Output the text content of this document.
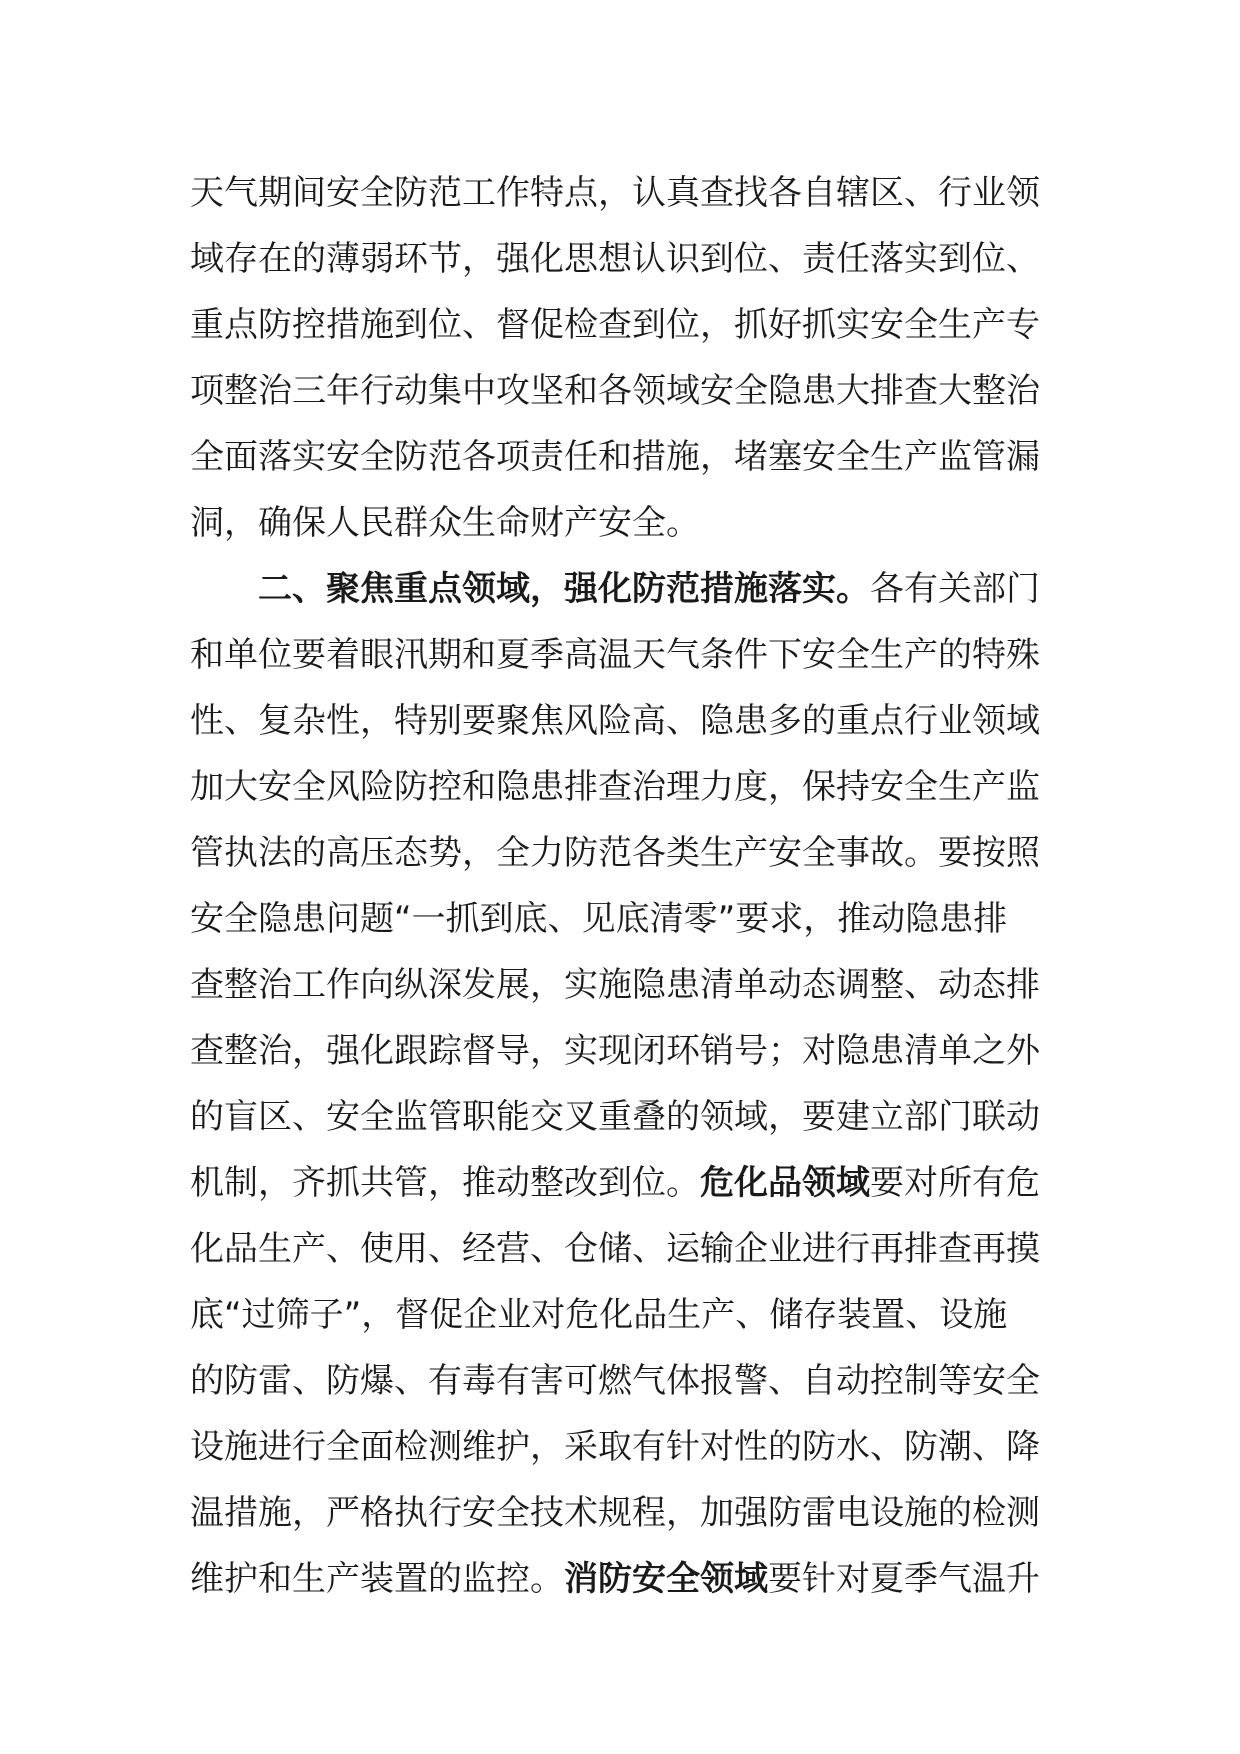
天气期间安全防范工作特点，认真查找各自辖区、行业领
域存在的薄弱环节，强化思想认识到位、责任落实到位、
重点防控措施到位、督促检查到位，抓好抓实安全生产专
项整治三年行动集中攻坚和各领域安全隐患大排查大整治
全面落实安全防范各项责任和措施，堵塞安全生产监管漏
洞，确保人民群众生命财产安全。
二、聚焦重点领域，强化防范措施落实。各有关部门
和单位要着眼汛期和夏季高温天气条件下安全生产的特殊
性、复杂性，特别要聚焦风险高、隐患多的重点行业领域
加大安全风险防控和隐患排查治理力度，保持安全生产监
管执法的高压态势，全力防范各类生产安全事故。要按照
安全隐患问题“一抓到底、见底清零”要求，推动隐患排
查整治工作向纵深发展，实施隐患清单动态调整、动态排
查整治，强化跟踪督导，实现闭环销号；对隐患清单之外
的盲区、安全监管职能交叉重叠的领域，要建立部门联动
机制，齐抓共管，推动整改到位。危化品领域要对所有危
化品生产、使用、经营、仓储、运输企业进行再排查再摸
底“过筛子”，督促企业对危化品生产、储存装置、设施
的防雷、防爆、有毒有害可燃气体报警、自动控制等安全
设施进行全面检测维护，采取有针对性的防水、防潮、降
温措施，严格执行安全技术规程，加强防雷电设施的检测
维护和生产装置的监控。消防安全领域要针对夏季气温升
